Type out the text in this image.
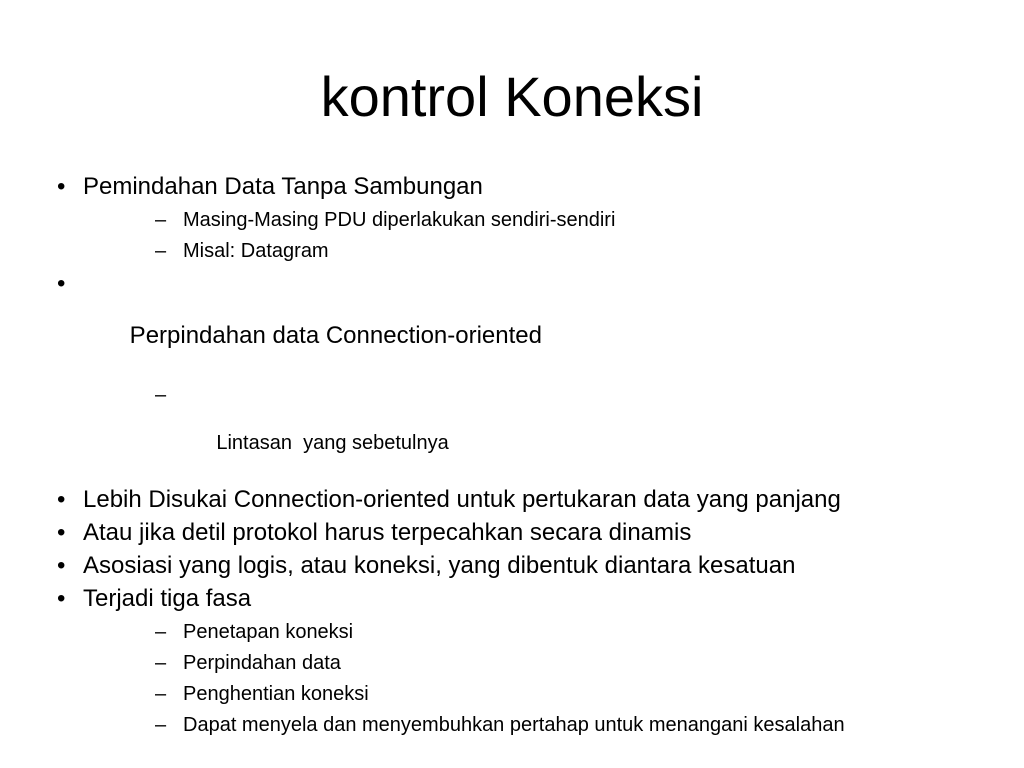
kontrol Koneksi
• Pemindahan Data Tanpa Sambungan
– Masing-Masing PDU diperlakukan sendiri-sendiri
– Misal: Datagram

•

Perpindahan data Connection-oriented

–

Lintasan  yang sebetulnya

• Lebih Disukai Connection-oriented untuk pertukaran data yang panjang
• Atau jika detil protokol harus terpecahkan secara dinamis
• Asosiasi yang logis, atau koneksi, yang dibentuk diantara kesatuan
• Terjadi tiga fasa
– Penetapan koneksi
– Perpindahan data
– Penghentian koneksi
– Dapat menyela dan menyembuhkan pertahap untuk menangani kesalahan
